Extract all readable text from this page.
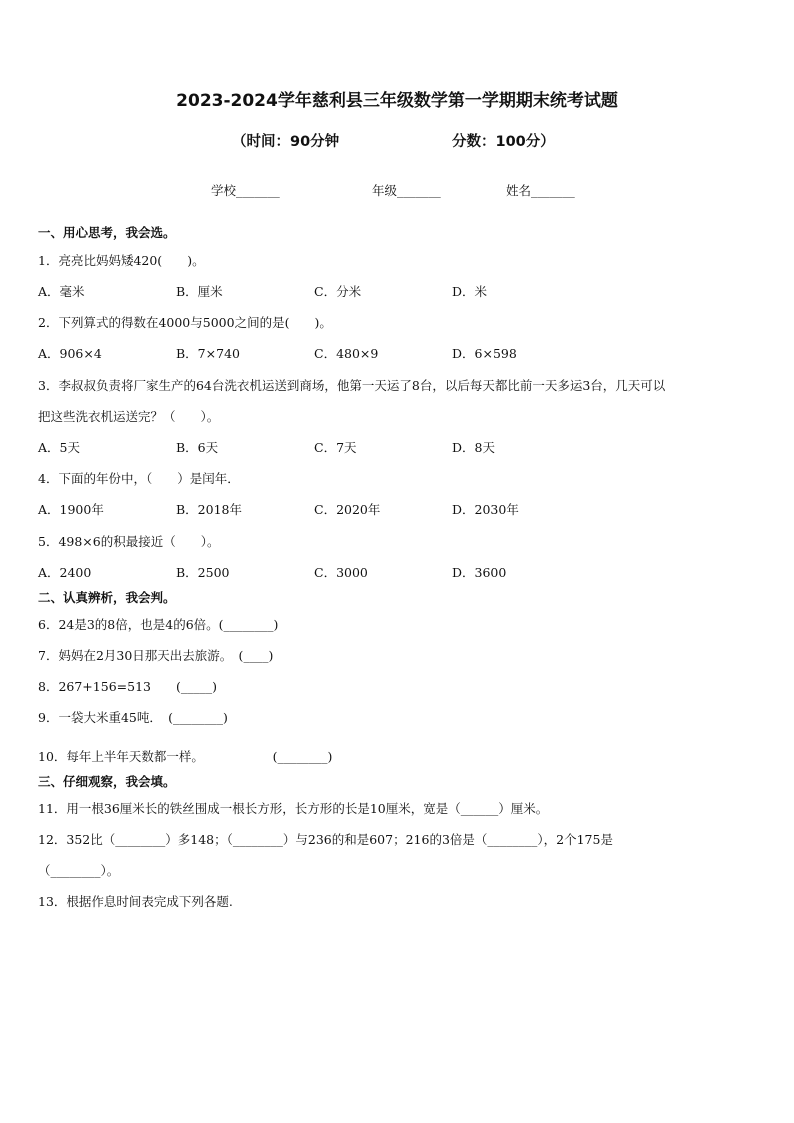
2023-2024学年慈利县三年级数学第一学期期末统考试题
（时间：90分钟	分数：100分）
学校_______	年级_______	姓名_______
一、用心思考，我会选。
1．亮亮比妈妈矮420(　　)。
A．毫米	B．厘米	C．分米	D．米
2．下列算式的得数在4000与5000之间的是(　　)。
A．906×4	B．7×740	C．480×9	D．6×598
3．李叔叔负责将厂家生产的64台洗衣机运送到商场，他第一天运了8台，以后每天都比前一天多运3台，几天可以
把这些洗衣机运送完？（　　）。
A．5天	B．6天	C．7天	D．8天
4．下面的年份中，（　　）是闰年．
A．1900年	B．2018年	C．2020年	D．2030年
5．498×6的积最接近（　　）。
A．2400	B．2500	C．3000	D．3600
二、认真辨析，我会判。
6．24是3的8倍，也是4的6倍。(________)
7．妈妈在2月30日那天出去旅游。　(____)
8．267+156=513　　(_____)
9．一袋大米重45吨．　(________)
10．每年上半年天数都一样。　　　　　　(________)
三、仔细观察，我会填。
11．用一根36厘米长的铁丝围成一根长方形，长方形的长是10厘米，宽是（______）厘米。
12．352比（________）多148；（________）与236的和是607；216的3倍是（________），2个175是
（________）。
13．根据作息时间表完成下列各题.
